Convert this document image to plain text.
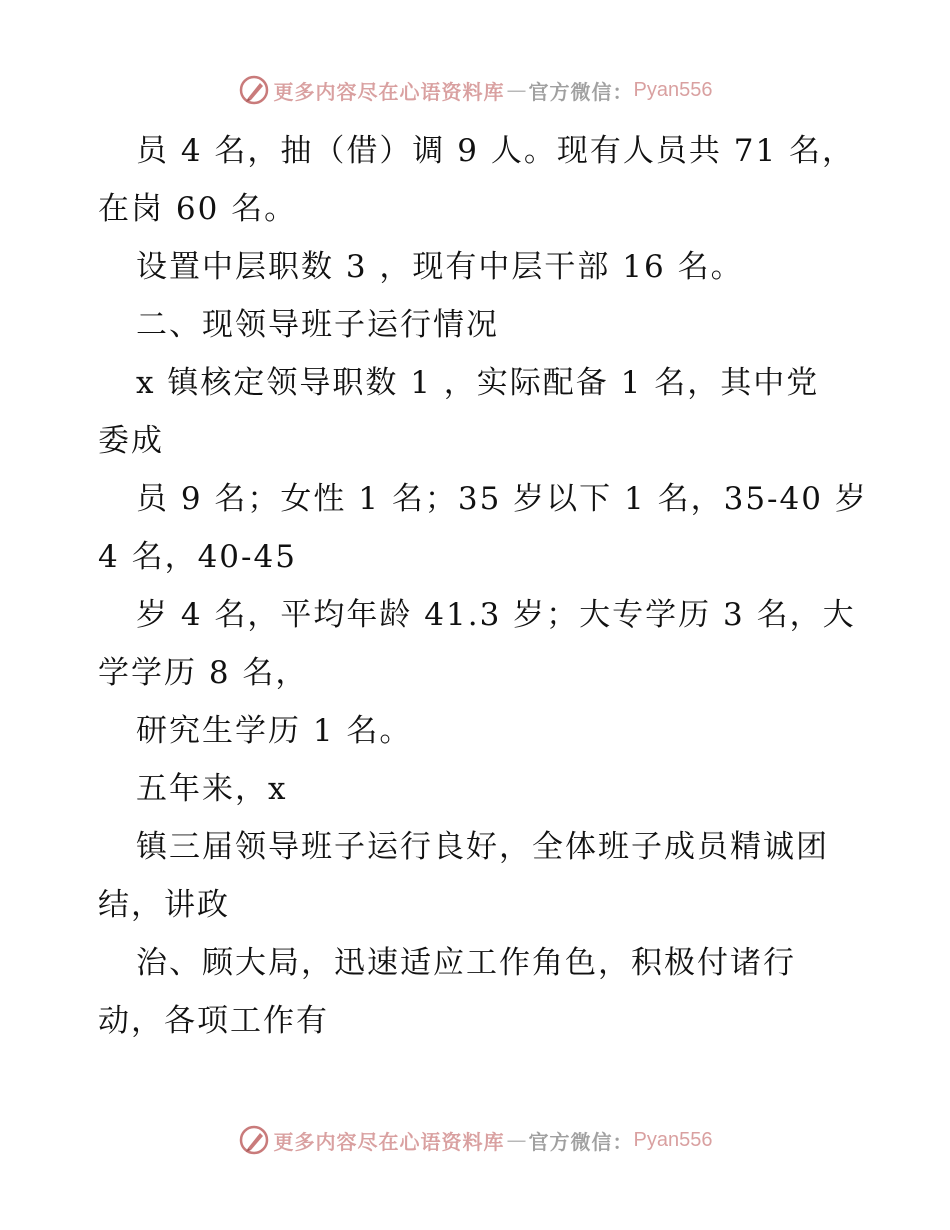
更多内容尽在心语资料库 — 官方微信： Pyan556
员 4 名，抽（借）调 9 人。现有人员共 71 名，
在岗 60 名。
设置中层职数 3 ，现有中层干部 16 名。
二、现领导班子运行情况
x 镇核定领导职数 1 ，实际配备 1 名，其中党
委成
员 9 名；女性 1 名；35 岁以下 1 名，35-40 岁
4 名，40-45
岁 4 名，平均年龄 41.3 岁；大专学历 3 名，大
学学历 8 名，
研究生学历 1 名。
五年来，x
镇三届领导班子运行良好，全体班子成员精诚团
结，讲政
治、顾大局，迅速适应工作角色，积极付诸行
动，各项工作有
更多内容尽在心语资料库 — 官方微信： Pyan556
